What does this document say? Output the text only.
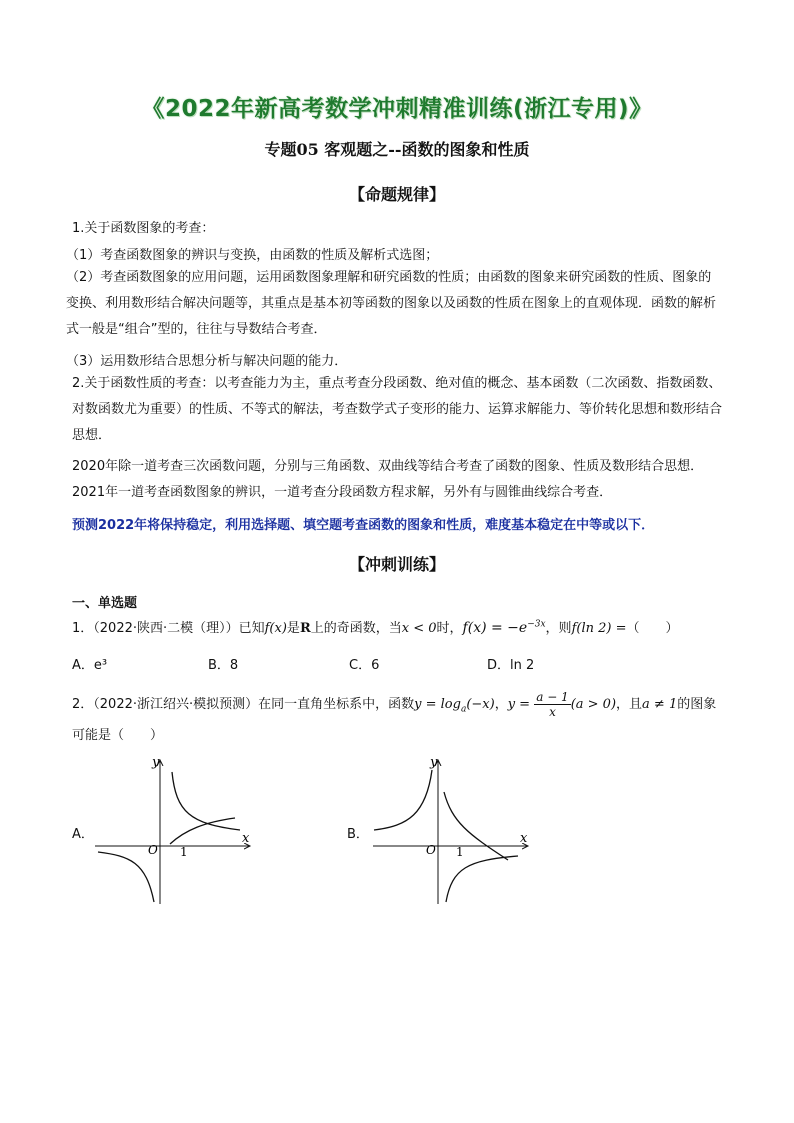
《2022年新高考数学冲刺精准训练(浙江专用)》
专题05 客观题之--函数的图象和性质
【命题规律】
1.关于函数图象的考查：
（1）考查函数图象的辨识与变换，由函数的性质及解析式选图；
（2）考查函数图象的应用问题，运用函数图象理解和研究函数的性质；由函数的图象来研究函数的性质、图象的变换、利用数形结合解决问题等，其重点是基本初等函数的图象以及函数的性质在图象上的直观体现．函数的解析式一般是“组合”型的，往往与导数结合考查．
（3）运用数形结合思想分析与解决问题的能力．
2.关于函数性质的考查：以考查能力为主，重点考查分段函数、绝对值的概念、基本函数（二次函数、指数函数、对数函数尤为重要）的性质、不等式的解法，考查数学式子变形的能力、运算求解能力、等价转化思想和数形结合思想．
2020年除一道考查三次函数问题，分别与三角函数、双曲线等结合考查了函数的图象、性质及数形结合思想．2021年一道考查函数图象的辨识，一道考查分段函数方程求解，另外有与圆锥曲线综合考查．
预测2022年将保持稳定，利用选择题、填空题考查函数的图象和性质，难度基本稳定在中等或以下．
【冲刺训练】
一、单选题
1．（2022·陕西·二模（理））已知f(x)是R上的奇函数，当x < 0时，$f(x) = -e^{-3x}$，则f(ln 2) =（　　）
A．e³	B．8	C．6	D．ln 2
2．（2022·浙江绍兴·模拟预测）在同一直角坐标系中，函数$y = \log_a(-x)$，$y = \frac{a - 1}{x} (a > 0)$，且a ≠ 1的图象
可能是（　　）
A．
y
x
O 1
B．
y
x
O 1
